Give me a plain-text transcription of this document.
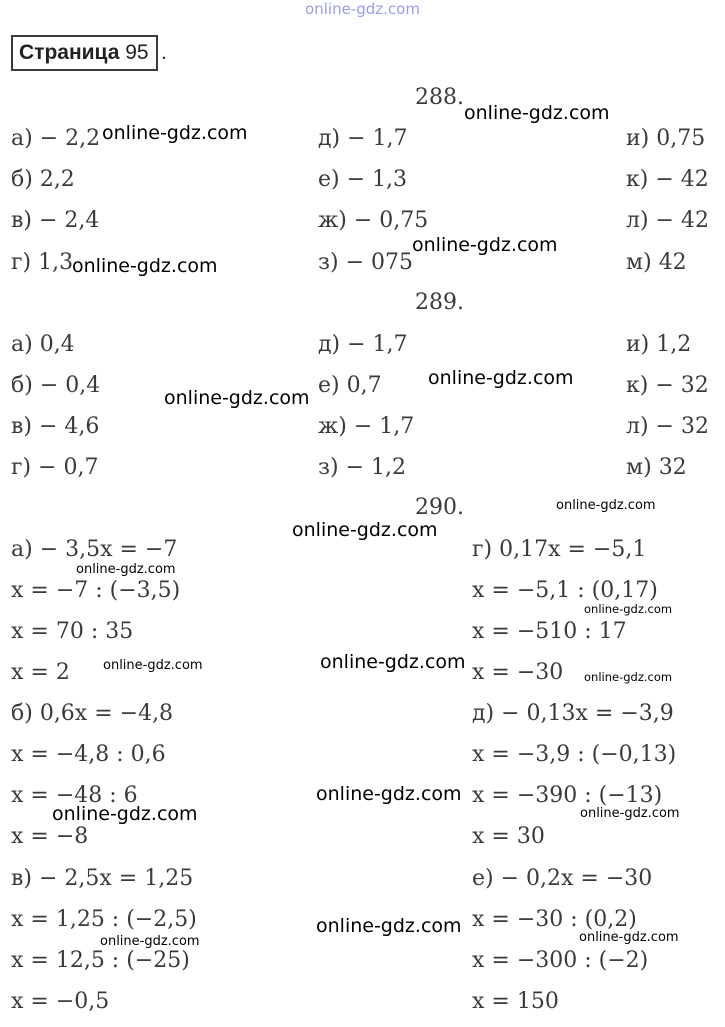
online-gdz.com
Страница 95 .
288.
289.
290.
а) − 2,2
б) 2,2
в) − 2,4
г) 1,3
д) − 1,7
е) − 1,3
ж) − 0,75
з) − 075
и) 0,75
к) − 42
л) − 42
м) 42
а) 0,4
б) − 0,4
в) − 4,6
г) − 0,7
д) − 1,7
е) 0,7
ж) − 1,7
з) − 1,2
и) 1,2
к) − 32
л) − 32
м) 32
а) − 3,5x = −7
x = −7 : (−3,5)
x = 70 : 35
x = 2
б) 0,6x = −4,8
x = −4,8 : 0,6
x = −48 : 6
x = −8
в) − 2,5x = 1,25
x = 1,25 : (−2,5)
x = 12,5 : (−25)
x = −0,5
г) 0,17x = −5,1
x = −5,1 : (0,17)
x = −510 : 17
x = −30
д) − 0,13x = −3,9
x = −3,9 : (−0,13)
x = −390 : (−13)
x = 30
е) − 0,2x = −30
x = −30 : (0,2)
x = −300 : (−2)
x = 150
online-gdz.com
online-gdz.com
online-gdz.com
online-gdz.com
online-gdz.com
online-gdz.com
online-gdz.com
online-gdz.com
online-gdz.com
online-gdz.com
online-gdz.com
online-gdz.com
online-gdz.com
online-gdz.com
online-gdz.com	online-gdz.com
online-gdz.com
online-gdz.com
online-gdz.com
